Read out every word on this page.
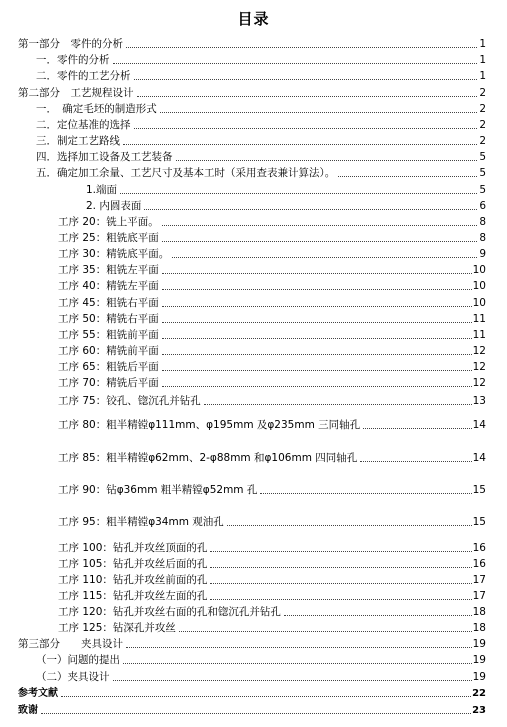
目录
第一部分　零件的分析	1
一．零件的分析	1
二．零件的工艺分析	1
第二部分　工艺规程设计	2
一．　确定毛坯的制造形式	2
二．定位基准的选择	2
三．制定工艺路线	2
四．选择加工设备及工艺装备	5
五．确定加工余量、工艺尺寸及基本工时（采用查表兼计算法）。	5
1.端面	5
2. 内圆表面	6
工序 20：铣上平面。	8
工序 25：粗铣底平面	8
工序 30：精铣底平面。	9
工序 35：粗铣左平面	10
工序 40：精铣左平面	10
工序 45：粗铣右平面	10
工序 50：精铣右平面	11
工序 55：粗铣前平面	11
工序 60：精铣前平面	12
工序 65：粗铣后平面	12
工序 70：精铣后平面	12
工序 75：铰孔、锪沉孔并钻孔	13
工序 80：粗半精镗φ111mm、φ195mm 及φ235mm 三同轴孔	14
工序 85：粗半精镗φ62mm、2-φ88mm 和φ106mm 四同轴孔	14
工序 90：钻φ36mm 粗半精镗φ52mm 孔	15
工序 95：粗半精镗φ34mm 观油孔	15
工序 100：钻孔并攻丝顶面的孔	16
工序 105：钻孔并攻丝后面的孔	16
工序 110：钻孔并攻丝前面的孔	17
工序 115：钻孔并攻丝左面的孔	17
工序 120：钻孔并攻丝右面的孔和锪沉孔并钻孔	18
工序 125：钻深孔并攻丝	18
第三部分　　夹具设计	19
（一）问题的提出	19
（二）夹具设计	19
参考文献	22
致谢	23
